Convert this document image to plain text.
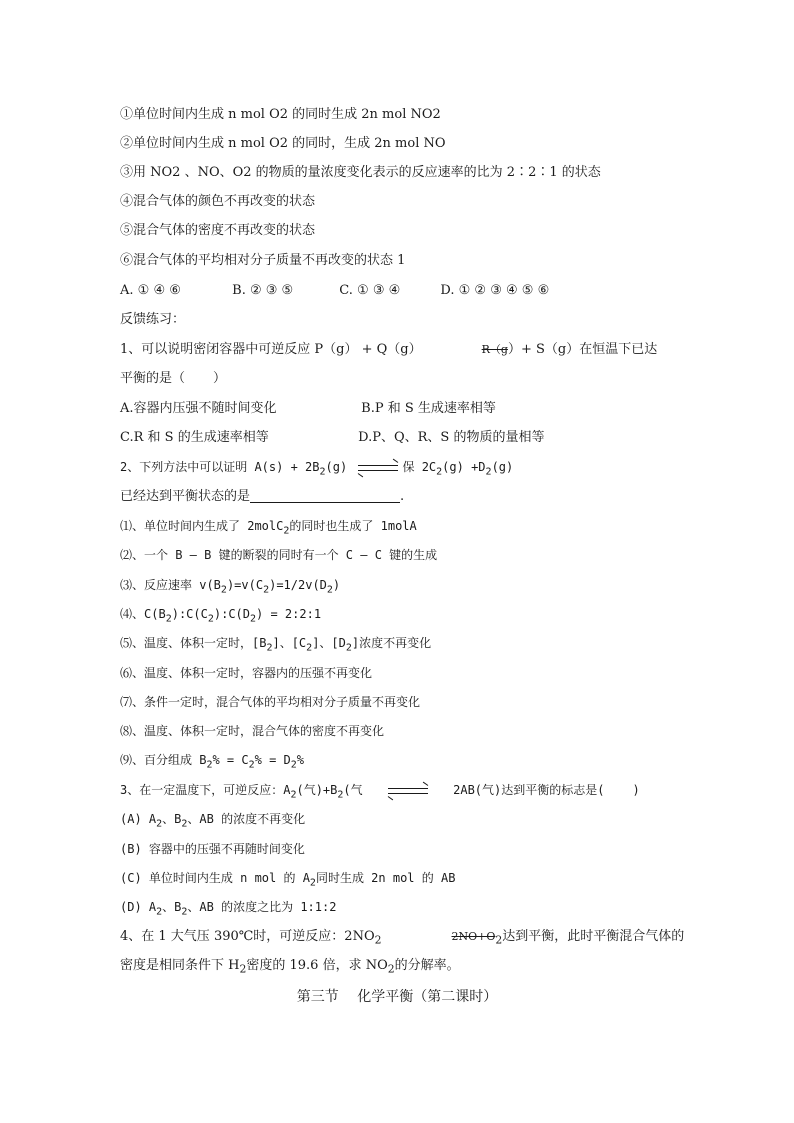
①单位时间内生成 n mol O2 的同时生成 2n mol NO2
②单位时间内生成 n mol O2 的同时，生成 2n mol NO
③用 NO2 、NO、O2 的物质的量浓度变化表示的反应速率的比为 2∶2∶1 的状态
④混合气体的颜色不再改变的状态
⑤混合气体的密度不再改变的状态
⑥混合气体的平均相对分子质量不再改变的状态 1
A. ① ④ ⑥	B. ② ③ ⑤	C. ① ③ ④	D. ① ② ③ ④ ⑤ ⑥
反馈练习：
1、可以说明密闭容器中可逆反应 P（g） + Q（g）	R（g）+ S（g）在恒温下已达
平衡的是（ ）
A.容器内压强不随时间变化	B.P 和 S 生成速率相等
C.R 和 S 的生成速率相等	D.P、Q、R、S 的物质的量相等
2、下列方法中可以证明 $A(s) + 2B_2(g)$	保 $2C_2(g) +D_2(g)$
已经达到平衡状态的是	.
⑴、单位时间内生成了 2molC$_2$的同时也生成了 1molA
⑵、一个 B — B 键的断裂的同时有一个 C — C 键的生成
⑶、反应速率 $v(B_2)=v(C_2)=1/2v(D_2)$
⑷、$C(B_2):C(C_2):C(D_2)$ = 2:2:1
⑸、温度、体积一定时，$[B_2]$、$[C_2]$、$[D_2]$浓度不再变化
⑹、温度、体积一定时，容器内的压强不再变化
⑺、条件一定时，混合气体的平均相对分子质量不再变化
⑻、温度、体积一定时，混合气体的密度不再变化
⑼、百分组成 $B_2\% = C_2\% = D_2\%$
3、在一定温度下，可逆反应：$A_2$(气)$+B_2$(气	2AB(气)达到平衡的标志是( )
(A) $A_2$、$B_2$、AB 的浓度不再变化
(B) 容器中的压强不再随时间变化
(C) 单位时间内生成 n mol 的 $A_2$同时生成 2n mol 的 AB
(D) $A_2$、$B_2$、AB 的浓度之比为 1:1:2
4、在 1 大气压 390℃时，可逆反应：$2NO_2$	$2NO+O_2$达到平衡，此时平衡混合气体的
密度是相同条件下 $H_2$密度的 19.6 倍，求 $NO_2$的分解率。
第三节　 化学平衡（第二课时）
